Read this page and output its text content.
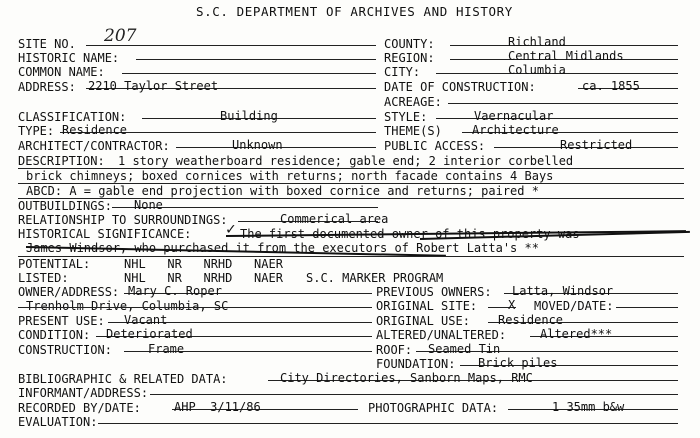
S.C. DEPARTMENT OF ARCHIVES AND HISTORY
SITE NO. 207	COUNTY:	Richland
HISTORIC NAME:	REGION:	Central Midlands
COMMON NAME:	CITY:	Columbia
ADDRESS: 2210 Taylor Street	DATE OF CONSTRUCTION:	ca. 1855
ACREAGE:
CLASSIFICATION:	Building	STYLE:	Vaernacular
TYPE: Residence	THEME(S)	Architecture
ARCHITECT/CONTRACTOR:	Unknown	PUBLIC ACCESS:	Restricted
DESCRIPTION: 1 story weatherboard residence; gable end; 2 interior corbelled
brick chimneys; boxed cornices with returns; north facade contains 4 Bays
ABCD: A = gable end projection with boxed cornice and returns; paired *
OUTBUILDINGS: None
RELATIONSHIP TO SURROUNDINGS:	Commerical area
HISTORICAL SIGNIFICANCE: ✓ The first documented owner of this property was
James Windsor, who purchased it from the executors of Robert Latta's **
POTENTIAL:	NHL   NR   NRHD   NAER
LISTED:	NHL   NR   NRHD   NAER S.C. MARKER PROGRAM
OWNER/ADDRESS: Mary C. Roper	PREVIOUS OWNERS: Latta, Windsor
Trenholm Drive, Columbia, SC	ORIGINAL SITE:	X MOVED/DATE:
PRESENT USE: Vacant	ORIGINAL USE: Residence
CONDITION: Deteriorated	ALTERED/UNALTERED:	Altered***
CONSTRUCTION:	Frame	ROOF: Seamed Tin
FOUNDATION: Brick piles
BIBLIOGRAPHIC & RELATED DATA:	City Directories, Sanborn Maps, RMC
INFORMANT/ADDRESS:
RECORDED BY/DATE:	AHP  3/11/86	PHOTOGRAPHIC DATA:	1 35mm b&w
EVALUATION:
